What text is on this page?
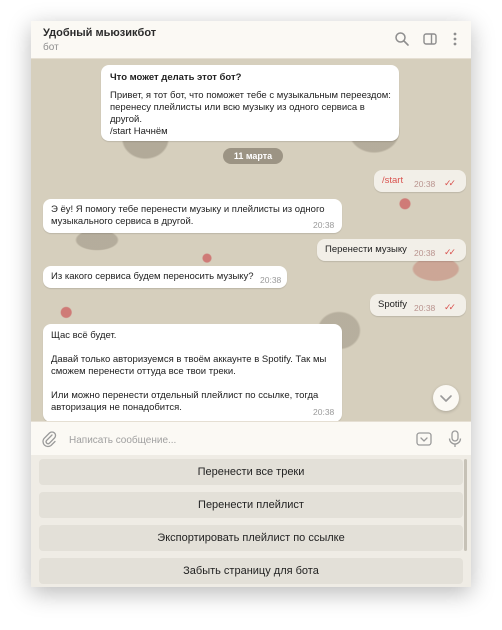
Удобный мьюзикбот
бот
Что может делать этот бот?
Привет, я тот бот, что поможет тебе с музыкальным переездом:
перенесу плейлисты или всю музыку из одного сервиса в
другой.
/start Начнём
11 марта
/start 20:38 ✓✓
Э ёу! Я помогу тебе перенести музыку и плейлисты из одного
музыкального сервиса в другой.	20:38
Перенести музыку 20:38 ✓✓
Из какого сервиса будем переносить музыку? 20:38
Spotify 20:38 ✓✓
Щас всё будет.
Давай только авторизуемся в твоём аккаунте в Spotify. Так мы
сможем перенести оттуда все твои треки.
Или можно перенести отдельный плейлист по ссылке, тогда
авторизация не понадобится.	20:38
Написать сообщение...
Перенести все треки
Перенести плейлист
Экспортировать плейлист по ссылке
Забыть страницу для бота
